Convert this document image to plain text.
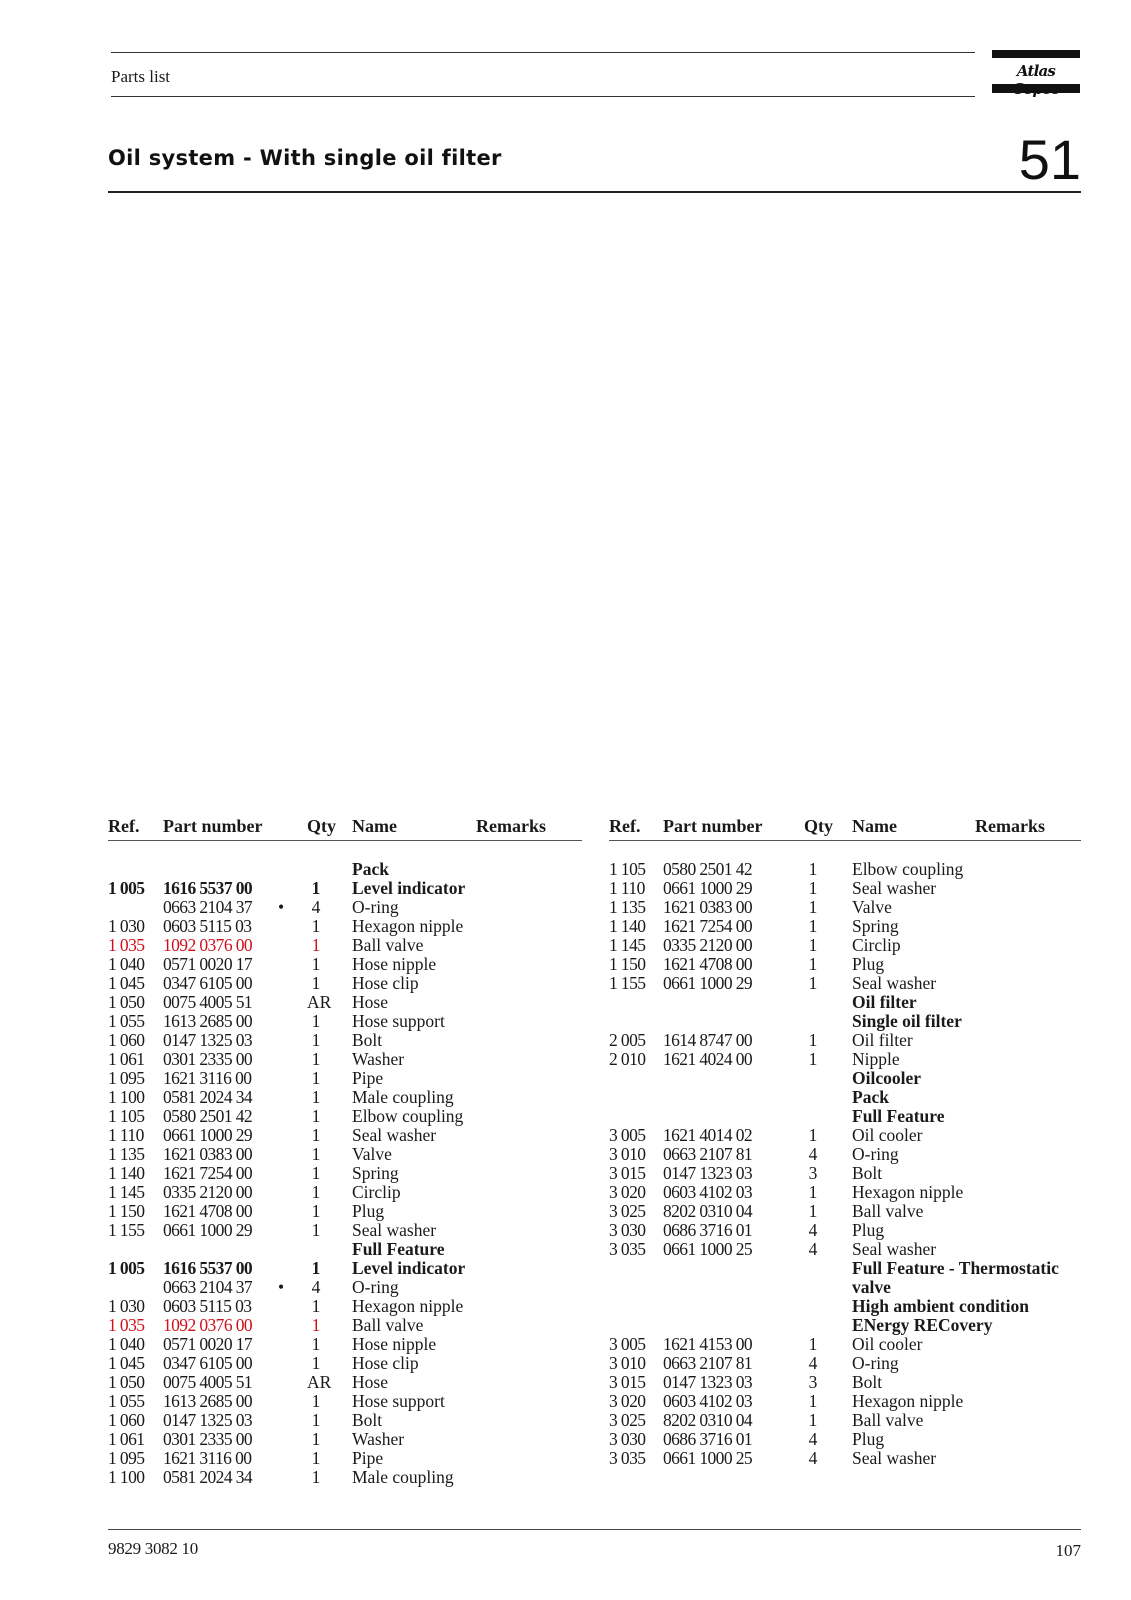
Parts list	Atlas
Oil system - With single oil filter	51
Ref. Part number Qty Name	Remarks
Pack
1 005 1616 5537 00	1 Level indicator
0663 2104 37 • 4 O-ring
1 030 0603 5115 03	1 Hexagon nipple
1 035 1092 0376 00	1 Ball valve
1 040 0571 0020 17	1 Hose nipple
1 045 0347 6105 00	1 Hose clip
1 050 0075 4005 51	AR Hose
1 055 1613 2685 00	1 Hose support
1 060 0147 1325 03	1 Bolt
1 061 0301 2335 00	1 Washer
1 095 1621 3116 00	1 Pipe
1 100 0581 2024 34	1 Male coupling
1 105 0580 2501 42	1 Elbow coupling
1 110 0661 1000 29	1 Seal washer
1 135 1621 0383 00	1 Valve
1 140 1621 7254 00	1 Spring
1 145 0335 2120 00	1 Circlip
1 150 1621 4708 00	1 Plug
1 155 0661 1000 29	1 Seal washer
Full Feature
1 005 1616 5537 00	1 Level indicator
0663 2104 37 • 4 O-ring
1 030 0603 5115 03	1 Hexagon nipple
1 035 1092 0376 00	1 Ball valve
1 040 0571 0020 17	1 Hose nipple
1 045 0347 6105 00	1 Hose clip
1 050 0075 4005 51	AR Hose
1 055 1613 2685 00	1 Hose support
1 060 0147 1325 03	1 Bolt
1 061 0301 2335 00	1 Washer
1 095 1621 3116 00	1 Pipe
1 100 0581 2024 34	1 Male coupling
Ref. Part number Qty Name	Remarks
1 105 0580 2501 42	1 Elbow coupling
1 110 0661 1000 29	1 Seal washer
1 135 1621 0383 00	1 Valve
1 140 1621 7254 00	1 Spring
1 145 0335 2120 00	1 Circlip
1 150 1621 4708 00	1 Plug
1 155 0661 1000 29	1 Seal washer
Oil filter
Single oil filter
2 005 1614 8747 00	1 Oil filter
2 010 1621 4024 00	1 Nipple
Oilcooler
Pack
Full Feature
3 005 1621 4014 02	1 Oil cooler
3 010 0663 2107 81	4 O-ring
3 015 0147 1323 03	3 Bolt
3 020 0603 4102 03	1 Hexagon nipple
3 025 8202 0310 04	1 Ball valve
3 030 0686 3716 01	4 Plug
3 035 0661 1000 25	4 Seal washer
Full Feature - Thermostatic
valve
High ambient condition
ENergy RECovery
3 005 1621 4153 00	1 Oil cooler
3 010 0663 2107 81	4 O-ring
3 015 0147 1323 03	3 Bolt
3 020 0603 4102 03	1 Hexagon nipple
3 025 8202 0310 04	1 Ball valve
3 030 0686 3716 01	4 Plug
3 035 0661 1000 25	4 Seal washer
9829 3082 10	107
